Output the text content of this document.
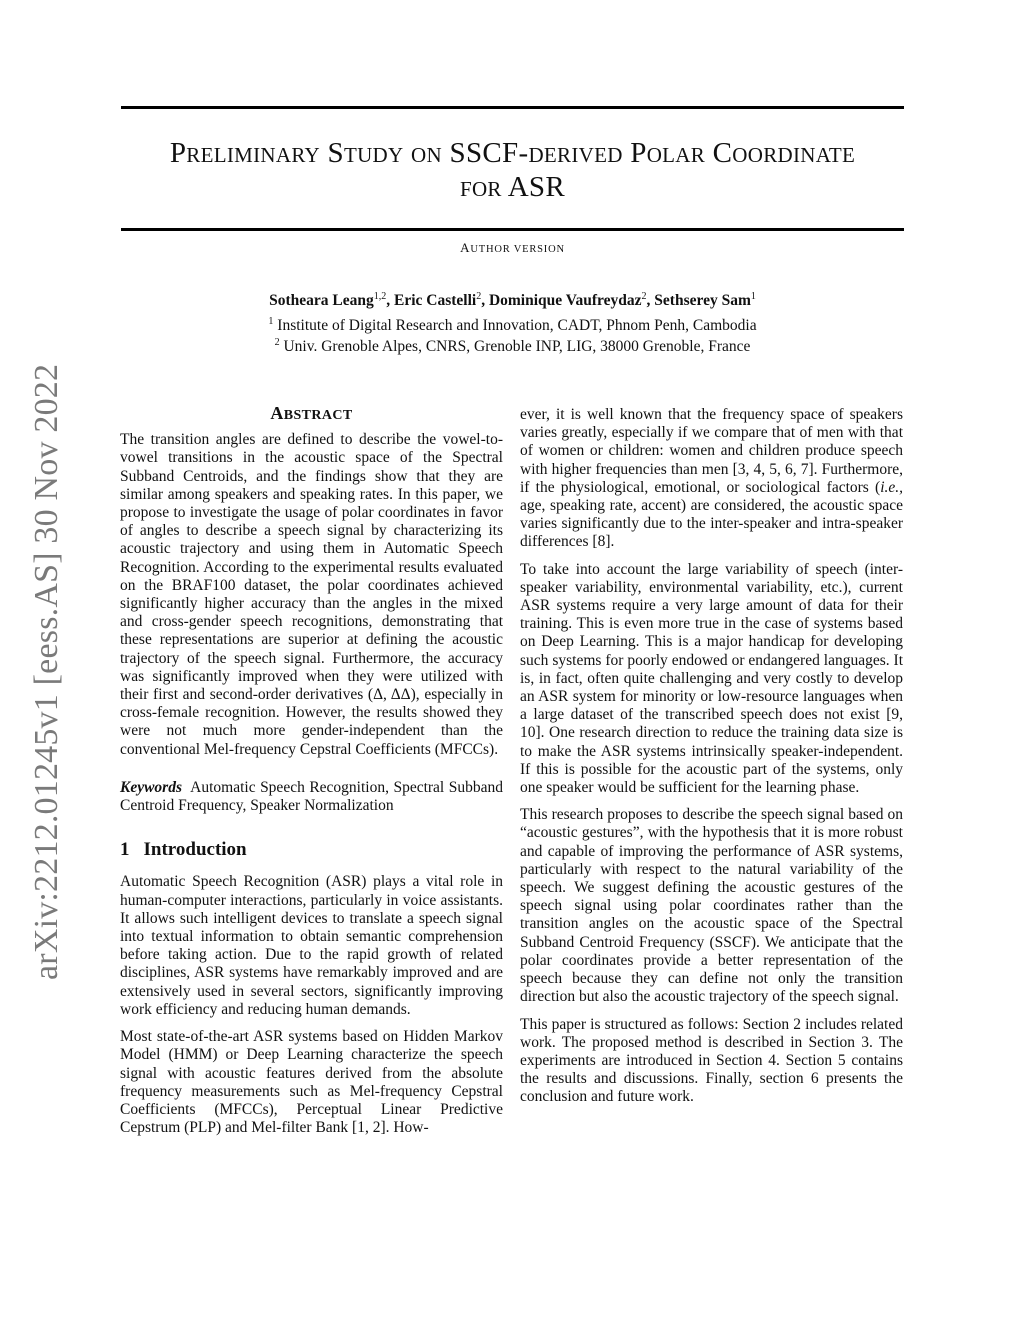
PRELIMINARY STUDY ON SSCF-DERIVED POLAR COORDINATE
FOR ASR
AUTHOR VERSION
Sotheara Leang$^{1,2}$, Eric Castelli$^2$, Dominique Vaufreydaz$^2$, Sethserey Sam$^1$
$^1$ Institute of Digital Research and Innovation, CADT, Phnom Penh, Cambodia
$^2$ Univ. Grenoble Alpes, CNRS, Grenoble INP, LIG, 38000 Grenoble, France
arXiv:2212.01245v1 [eess.AS] 30 Nov 2022	ABSTRACT

The transition angles are defined to describe the vowel-to-vowel transitions in the acoustic space of the Spectral Subband Centroids, and the findings show that they are similar among speakers and speaking rates. In this paper, we propose to investigate the usage of polar coordinates in favor of angles to describe a speech signal by characterizing its acoustic trajectory and using them in Automatic Speech Recognition. According to the experimental results evaluated on the BRAF100 dataset, the polar coordinates achieved significantly higher accuracy than the angles in the mixed and cross-gender speech recognitions, demonstrating that these representations are superior at defining the acoustic trajectory of the speech signal. Furthermore, the accuracy was significantly improved when they were utilized with their first and second-order derivatives (Δ, ΔΔ), especially in cross-female recognition. However, the results showed they were not much more gender-independent than the conventional Mel-frequency Cepstral Coefficients (MFCCs).

Keywords Automatic Speech Recognition, Spectral Subband Centroid Frequency, Speaker Normalization
1 Introduction

Automatic Speech Recognition (ASR) plays a vital role in human-computer interactions, particularly in voice assistants. It allows such intelligent devices to translate a speech signal into textual information to obtain semantic comprehension before taking action. Due to the rapid growth of related disciplines, ASR systems have remarkably improved and are extensively used in several sectors, significantly improving work efficiency and reducing human demands.

Most state-of-the-art ASR systems based on Hidden Markov Model (HMM) or Deep Learning characterize the speech signal with acoustic features derived from the absolute frequency measurements such as Mel-frequency Cepstral Coefficients (MFCCs), Perceptual Linear Predictive Cepstrum (PLP) and Mel-filter Bank [1, 2]. How-

ever, it is well known that the frequency space of speakers varies greatly, especially if we compare that of men with that of women or children: women and children produce speech with higher frequencies than men [3, 4, 5, 6, 7]. Furthermore, if the physiological, emotional, or sociological factors (i.e., age, speaking rate, accent) are considered, the acoustic space varies significantly due to the inter-speaker and intra-speaker differences [8].

To take into account the large variability of speech (inter-speaker variability, environmental variability, etc.), current ASR systems require a very large amount of data for their training. This is even more true in the case of systems based on Deep Learning. This is a major handicap for developing such systems for poorly endowed or endangered languages. It is, in fact, often quite challenging and very costly to develop an ASR system for minority or low-resource languages when a large dataset of the transcribed speech does not exist [9, 10]. One research direction to reduce the training data size is to make the ASR systems intrinsically speaker-independent. If this is possible for the acoustic part of the systems, only one speaker would be sufficient for the learning phase.

This research proposes to describe the speech signal based on “acoustic gestures”, with the hypothesis that it is more robust and capable of improving the performance of ASR systems, particularly with respect to the natural variability of the speech. We suggest defining the acoustic gestures of the speech signal using polar coordinates rather than the transition angles on the acoustic space of the Spectral Subband Centroid Frequency (SSCF). We anticipate that the polar coordinates provide a better representation of the speech because they can define not only the transition direction but also the acoustic trajectory of the speech signal.

This paper is structured as follows: Section 2 includes related work. The proposed method is described in Section 3. The experiments are introduced in Section 4. Section 5 contains the results and discussions. Finally, section 6 presents the conclusion and future work.
